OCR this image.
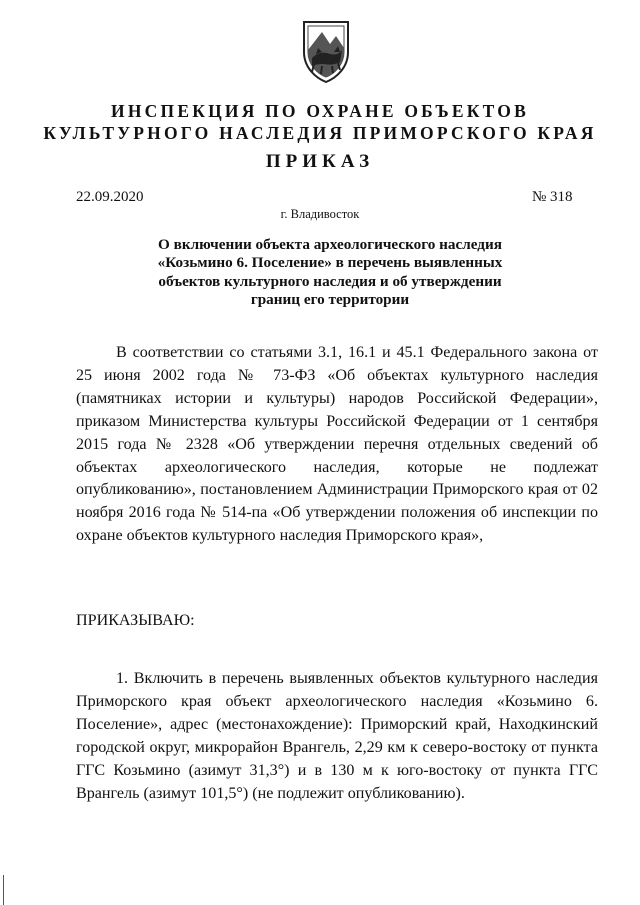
ИНСПЕКЦИЯ ПО ОХРАНЕ ОБЪЕКТОВ
КУЛЬТУРНОГО НАСЛЕДИЯ ПРИМОРСКОГО КРАЯ
ПРИКАЗ
22.09.2020	№ 318
г. Владивосток
О включении объекта археологического наследия
«Козьмино 6. Поселение» в перечень выявленных
объектов культурного наследия и об утверждении
границ его территории
В соответствии со статьями 3.1, 16.1 и 45.1 Федерального закона от 25 июня 2002 года № 73-ФЗ «Об объектах культурного наследия (памятниках истории и культуры) народов Российской Федерации», приказом Министерства культуры Российской Федерации от 1 сентября 2015 года № 2328 «Об утверждении перечня отдельных сведений об объектах археологического наследия, которые не подлежат опубликованию», постановлением Администрации Приморского края от 02 ноября 2016 года № 514-па «Об утверждении положения об инспекции по охране объектов культурного наследия Приморского края»,
ПРИКАЗЫВАЮ:
1. Включить в перечень выявленных объектов культурного наследия Приморского края объект археологического наследия «Козьмино 6. Поселение», адрес (местонахождение): Приморский край, Находкинский городской округ, микрорайон Врангель, 2,29 км к северо-востоку от пункта ГГС Козьмино (азимут 31,3°) и в 130 м к юго-востоку от пункта ГГС Врангель (азимут 101,5°) (не подлежит опубликованию).
